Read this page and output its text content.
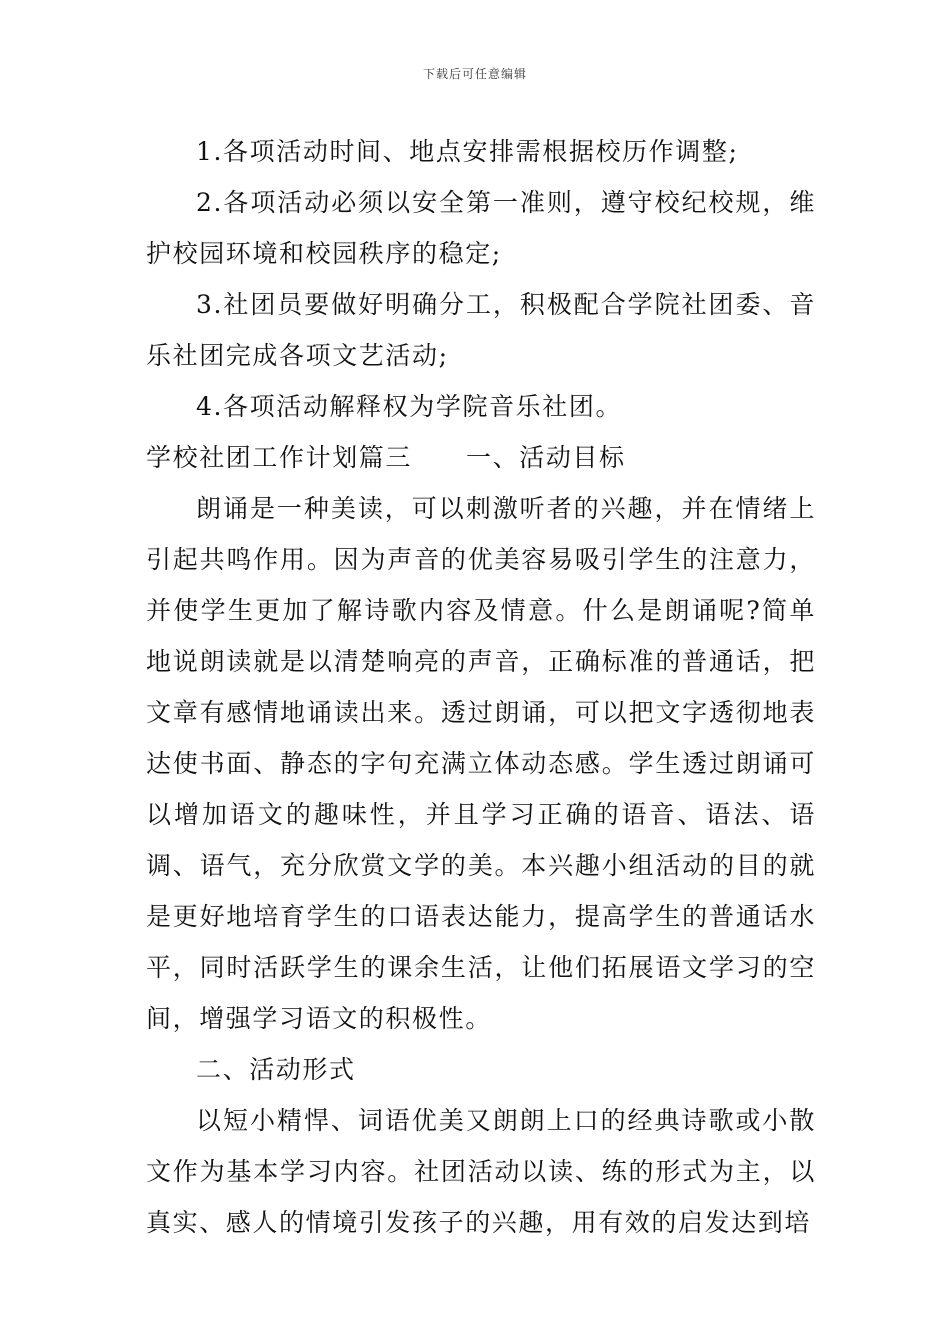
下载后可任意编辑

1.各项活动时间、地点安排需根据校历作调整;

2.各项活动必须以安全第一准则，遵守校纪校规，维护校园环境和校园秩序的稳定;

3.社团员要做好明确分工，积极配合学院社团委、音乐社团完成各项文艺活动;

4.各项活动解释权为学院音乐社团。

学校社团工作计划篇三 一、活动目标

朗诵是一种美读，可以刺激听者的兴趣，并在情绪上引起共鸣作用。因为声音的优美容易吸引学生的注意力，并使学生更加了解诗歌内容及情意。什么是朗诵呢?简单地说朗读就是以清楚响亮的声音，正确标准的普通话，把文章有感情地诵读出来。透过朗诵，可以把文字透彻地表达使书面、静态的字句充满立体动态感。学生透过朗诵可以增加语文的趣味性，并且学习正确的语音、语法、语调、语气，充分欣赏文学的美。本兴趣小组活动的目的就是更好地培育学生的口语表达能力，提高学生的普通话水平，同时活跃学生的课余生活，让他们拓展语文学习的空间，增强学习语文的积极性。

二、活动形式

以短小精悍、词语优美又朗朗上口的经典诗歌或小散文作为基本学习内容。社团活动以读、练的形式为主，以真实、感人的情境引发孩子的兴趣，用有效的启发达到培
